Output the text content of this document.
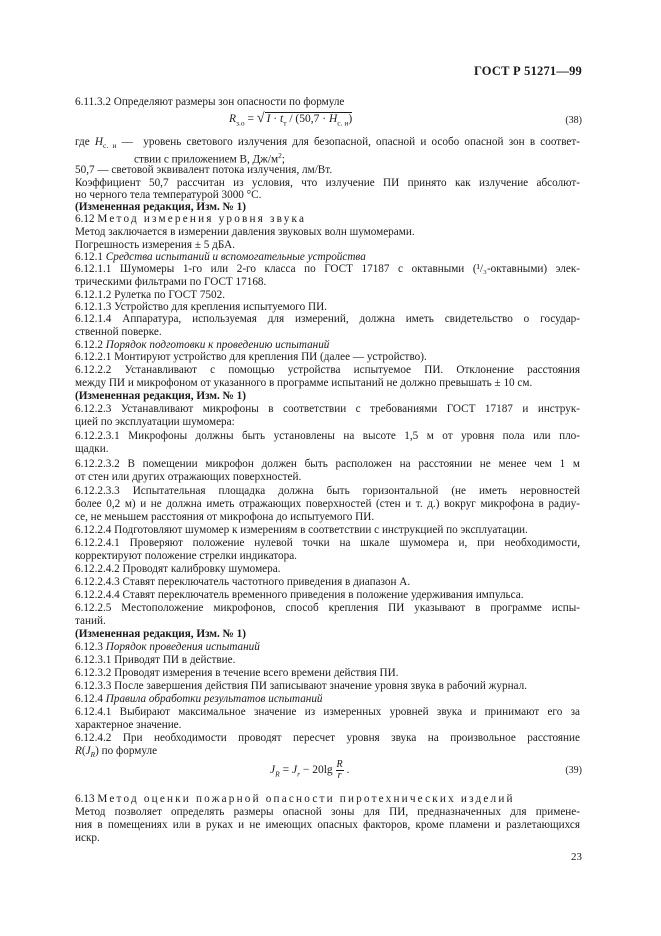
ГОСТ Р 51271—99
6.11.3.2 Определяют размеры зон опасности по формуле
$R_{з.о}$ = √ $I \cdot t_т / (50,7 \cdot H_{с. и})$	(38)
где $H_{с. и}$ —  уровень светового излучения для безопасной, опасной и особо опасной зон в соответ-
ствии с приложением В, $Дж/м^2$;
50,7 — световой эквивалент потока излучения, лм/Вт.
Коэффициент 50,7 рассчитан из условия, что излучение ПИ принято как излучение абсолют-
но черного тела температурой 3000 °С.
(Измененная редакция, Изм. № 1)
6.12 Метод измерения уровня звука
Метод заключается в измерении давления звуковых волн шумомерами.
Погрешность измерения ± 5 дБА.
6.12.1 Средства испытаний и вспомогательные устройства
6.12.1.1 Шумомеры 1-го или 2-го класса по ГОСТ 17187 с октавными (¹/₃-октавными) элек-
трическими фильтрами по ГОСТ 17168.
6.12.1.2 Рулетка по ГОСТ 7502.
6.12.1.3 Устройство для крепления испытуемого ПИ.
6.12.1.4 Аппаратура, используемая для измерений, должна иметь свидетельство о государ-
ственной поверке.
6.12.2 Порядок подготовки к проведению испытаний
6.12.2.1 Монтируют устройство для крепления ПИ (далее — устройство).
6.12.2.2 Устанавливают с помощью устройства испытуемое ПИ. Отклонение расстояния
между ПИ и микрофоном от указанного в программе испытаний не должно превышать ± 10 см.
(Измененная редакция, Изм. № 1)
6.12.2.3 Устанавливают микрофоны в соответствии с требованиями ГОСТ 17187 и инструк-
цией по эксплуатации шумомера:
6.12.2.3.1 Микрофоны должны быть установлены на высоте 1,5 м от уровня пола или пло-
щадки.
6.12.2.3.2 В помещении микрофон должен быть расположен на расстоянии не менее чем 1 м
от стен или других отражающих поверхностей.
6.12.2.3.3 Испытательная площадка должна быть горизонтальной (не иметь неровностей
более 0,2 м) и не должна иметь отражающих поверхностей (стен и т. д.) вокруг микрофона в радиу-
се, не меньшем расстояния от микрофона до испытуемого ПИ.
6.12.2.4 Подготовляют шумомер к измерениям в соответствии с инструкцией по эксплуатации.
6.12.2.4.1 Проверяют положение нулевой точки на шкале шумомера и, при необходимости,
корректируют положение стрелки индикатора.
6.12.2.4.2 Проводят калибровку шумомера.
6.12.2.4.3 Ставят переключатель частотного приведения в диапазон А.
6.12.2.4.4 Ставят переключатель временного приведения в положение удерживания импульса.
6.12.2.5 Местоположение микрофонов, способ крепления ПИ указывают в программе испы-
таний.
(Измененная редакция, Изм. № 1)
6.12.3 Порядок проведения испытаний
6.12.3.1 Приводят ПИ в действие.
6.12.3.2 Проводят измерения в течение всего времени действия ПИ.
6.12.3.3 После завершения действия ПИ записывают значение уровня звука в рабочий журнал.
6.12.4 Правила обработки результатов испытаний
6.12.4.1 Выбирают максимальное значение из измеренных уровней звука и принимают его за
характерное значение.
6.12.4.2 При необходимости проводят пересчет уровня звука на произвольное расстояние
$R(J_R)$ по формуле
$J_R = J_r - 20\lg \frac{R}{r}$ .	(39)
6.13 Метод оценки пожарной опасности пиротехнических изделий
Метод позволяет определять размеры опасной зоны для ПИ, предназначенных для примене-
ния в помещениях или в руках и не имеющих опасных факторов, кроме пламени и разлетающихся
искр.
23
